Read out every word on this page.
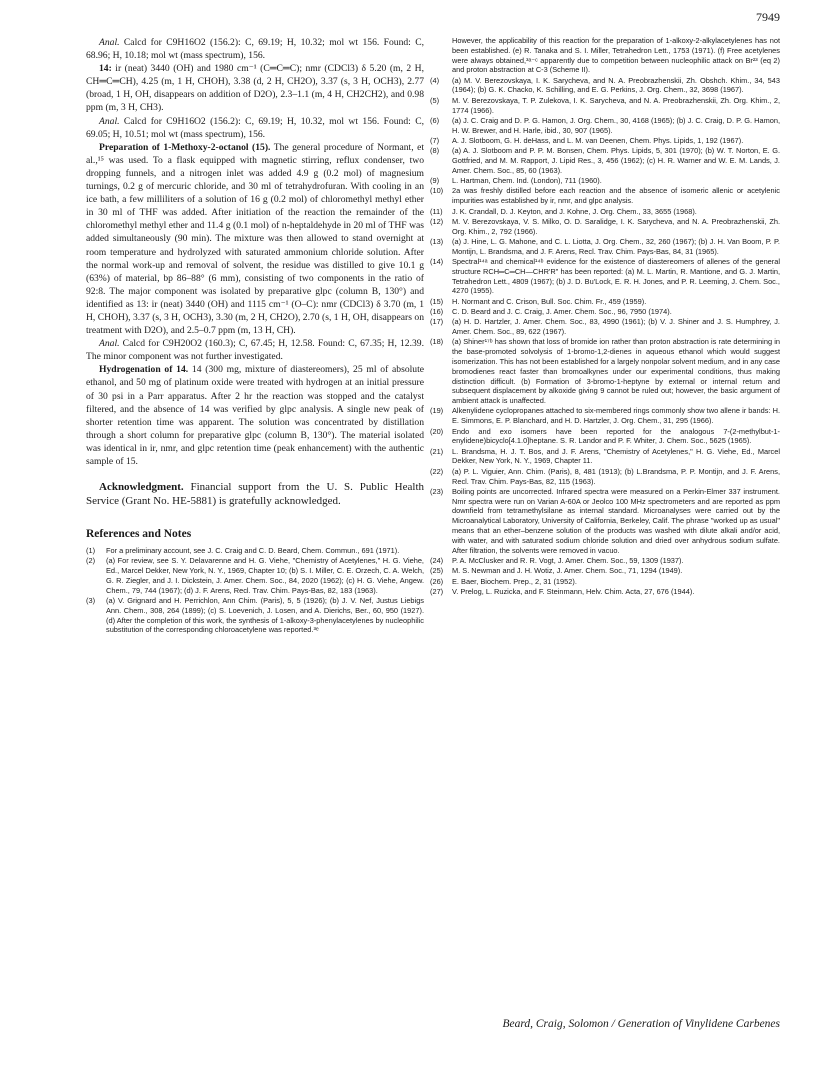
7949

Anal. Calcd for C9H16O2 (156.2): C, 69.19; H, 10.32; mol wt 156. Found: C, 68.96; H, 10.18; mol wt (mass spectrum), 156.

14: ir (neat) 3440 (OH) and 1980 cm⁻¹ (C═C═C); nmr (CDCl3) δ 5.20 (m, 2 H, CH═C═CH), 4.25 (m, 1 H, CHOH), 3.38 (d, 2 H, CH2O), 3.37 (s, 3 H, OCH3), 2.77 (broad, 1 H, OH, disappears on addition of D2O), 2.3–1.1 (m, 4 H, CH2CH2), and 0.98 ppm (m, 3 H, CH3).

Anal. Calcd for C9H16O2 (156.2): C, 69.19; H, 10.32, mol wt 156. Found: C, 69.05; H, 10.51; mol wt (mass spectrum), 156.

Preparation of 1-Methoxy-2-octanol (15). The general procedure of Normant, et al.,¹⁵ was used. To a flask equipped with magnetic stirring, reflux condenser, two dropping funnels, and a nitrogen inlet was added 4.9 g (0.2 mol) of magnesium turnings, 0.2 g of mercuric chloride, and 30 ml of tetrahydrofuran. With cooling in an ice bath, a few milliliters of a solution of 16 g (0.2 mol) of chloromethyl methyl ether in 30 ml of THF was added. After initiation of the reaction the remainder of the chloromethyl methyl ether and 11.4 g (0.1 mol) of n-heptaldehyde in 20 ml of THF was added simultaneously (90 min). The mixture was then allowed to stand overnight at room temperature and hydrolyzed with saturated ammonium chloride solution. After the normal work-up and removal of solvent, the residue was distilled to give 10.1 g (63%) of material, bp 86–88° (6 mm), consisting of two components in the ratio of 92:8. The major component was isolated by preparative glpc (column B, 130°) and identified as 13: ir (neat) 3440 (OH) and 1115 cm⁻¹ (O–C): nmr (CDCl3) δ 3.70 (m, 1 H, CHOH), 3.37 (s, 3 H, OCH3), 3.30 (m, 2 H, CH2O), 2.70 (s, 1 H, OH, disappears on treatment with D2O), and 2.5–0.7 ppm (m, 13 H, CH).

Anal. Calcd for C9H20O2 (160.3); C, 67.45; H, 12.58. Found: C, 67.35; H, 12.39. The minor component was not further investigated.

Hydrogenation of 14. 14 (300 mg, mixture of diastereomers), 25 ml of absolute ethanol, and 50 mg of platinum oxide were treated with hydrogen at an initial pressure of 30 psi in a Parr apparatus. After 2 hr the reaction was stopped and the catalyst filtered, and the absence of 14 was verified by glpc analysis. A single new peak of shorter retention time was apparent. The solution was concentrated by distillation through a short column for preparative glpc (column B, 130°). The material isolated was identical in ir, nmr, and glpc retention time (peak enhancement) with the authentic sample of 15.

Acknowledgment. Financial support from the U. S. Public Health Service (Grant No. HE-5881) is gratefully acknowledged.

References and Notes
(1)	For a preliminary account, see J. C. Craig and C. D. Beard, Chem. Commun., 691 (1971).
(2)	(a) For review, see S. Y. Delavarenne and H. G. Viehe, "Chemistry of Acetylenes," H. G. Viehe, Ed., Marcel Dekker, New York, N. Y., 1969, Chapter 10; (b) S. I. Miller, C. E. Orzech, C. A. Welch, G. R. Ziegler, and J. I. Dickstein, J. Amer. Chem. Soc., 84, 2020 (1962); (c) H. G. Viehe, Angew. Chem., 79, 744 (1967); (d) J. F. Arens, Recl. Trav. Chim. Pays-Bas, 82, 183 (1963).
(3)	(a) V. Grignard and H. Perrichlon, Ann Chim. (Paris), 5, 5 (1926); (b) J. V. Nef, Justus Liebigs Ann. Chem., 308, 264 (1899); (c) S. Loevenich, J. Losen, and A. Dierichs, Ber., 60, 950 (1927). (d) After the completion of this work, the synthesis of 1-alkoxy-3-phenylacetylenes by nucleophilic substitution of the corresponding chloroacetylene was reported.³ᵉ

However, the applicability of this reaction for the preparation of 1-alkoxy-2-alkylacetylenes has not been established. (e) R. Tanaka and S. I. Miller, Tetrahedron Lett., 1753 (1971). (f) Free acetylenes were always obtained,³ᵃ⁻ᶜ apparently due to competition between nucleophilic attack on Br²³ (eq 2) and proton abstraction at C-3 (Scheme II).

(4)	(a) M. V. Berezovskaya, I. K. Sarycheva, and N. A. Preobrazhenskii, Zh. Obshch. Khim., 34, 543 (1964); (b) G. K. Chacko, K. Schilling, and E. G. Perkins, J. Org. Chem., 32, 3698 (1967).
(5)	M. V. Berezovskaya, T. P. Zulekova, I. K. Sarycheva, and N. A. Preobrazhenskii, Zh. Org. Khim., 2, 1774 (1966).
(6)	(a) J. C. Craig and D. P. G. Hamon, J. Org. Chem., 30, 4168 (1965); (b) J. C. Craig, D. P. G. Hamon, H. W. Brewer, and H. Harle, ibid., 30, 907 (1965).
(7)	A. J. Slotboom, G. H. deHass, and L. M. van Deenen, Chem. Phys. Lipids, 1, 192 (1967).
(8)	(a) A. J. Slotboom and P. P. M. Bonsen, Chem. Phys. Lipids, 5, 301 (1970); (b) W. T. Norton, E. G. Gottfried, and M. M. Rapport, J. Lipid Res., 3, 456 (1962); (c) H. R. Warner and W. E. M. Lands, J. Amer. Chem. Soc., 85, 60 (1963).
(9)	L. Hartman, Chem. Ind. (London), 711 (1960).
(10)	2a was freshly distilled before each reaction and the absence of isomeric allenic or acetylenic impurities was established by ir, nmr, and glpc analysis.
(11)	J. K. Crandall, D. J. Keyton, and J. Kohne, J. Org. Chem., 33, 3655 (1968).
(12)	M. V. Berezovskaya, V. S. Milko, O. D. Saralidge, I. K. Sarycheva, and N. A. Preobrazhenskii, Zh. Org. Khim., 2, 792 (1966).
(13)	(a) J. Hine, L. G. Mahone, and C. L. Liotta, J. Org. Chem., 32, 260 (1967); (b) J. H. Van Boom, P. P. Montijn, L. Brandsma, and J. F. Arens, Recl. Trav. Chim. Pays-Bas, 84, 31 (1965).
(14)	Spectral¹⁴ᵃ and chemical¹⁴ᵇ evidence for the existence of diastereomers of allenes of the general structure RCH═C═CH—CHR'R" has been reported: (a) M. L. Martin, R. Mantione, and G. J. Martin, Tetrahedron Lett., 4809 (1967); (b) J. D. Bu'Lock, E. R. H. Jones, and P. R. Leeming, J. Chem. Soc., 4270 (1955).
(15)	H. Normant and C. Crison, Bull. Soc. Chim. Fr., 459 (1959).
(16)	C. D. Beard and J. C. Craig, J. Amer. Chem. Soc., 96, 7950 (1974).
(17)	(a) H. D. Hartzler, J. Amer. Chem. Soc., 83, 4990 (1961); (b) V. J. Shiner and J. S. Humphrey, J. Amer. Chem. Soc., 89, 622 (1967).
(18)	(a) Shiner¹⁷ᵇ has shown that loss of bromide ion rather than proton abstraction is rate determining in the base-promoted solvolysis of 1-bromo-1,2-dienes in aqueous ethanol which would suggest isomerization. This has not been established for a largely nonpolar solvent medium, and in any case bromodienes react faster than bromoalkynes under our experimental conditions, thus making distinction difficult. (b) Formation of 3-bromo-1-heptyne by external or internal return and subsequent displacement by alkoxide giving 9 cannot be ruled out; however, the basic argument of ambient attack is unaffected.
(19)	Alkenylidene cyclopropanes attached to six-membered rings commonly show two allene ir bands: H. E. Simmons, E. P. Blanchard, and H. D. Hartzler, J. Org. Chem., 31, 295 (1966).
(20)	Endo and exo isomers have been reported for the analogous 7-(2-methylbut-1-enylidene)bicyclo[4.1.0]heptane. S. R. Landor and P. F. Whiter, J. Chem. Soc., 5625 (1965).
(21)	L. Brandsma, H. J. T. Bos, and J. F. Arens, "Chemistry of Acetylenes," H. G. Viehe, Ed., Marcel Dekker, New York, N. Y., 1969, Chapter 11.
(22)	(a) P. L. Viguier, Ann. Chim. (Paris), 8, 481 (1913); (b) L.Brandsma, P. P. Montijn, and J. F. Arens, Recl. Trav. Chim. Pays-Bas, 82, 115 (1963).
(23)	Boiling points are uncorrected. Infrared spectra were measured on a Perkin-Elmer 337 instrument. Nmr spectra were run on Varian A-60A or Jeolco 100 MHz spectrometers and are reported as ppm downfield from tetramethylsilane as internal standard. Microanalyses were carried out by the Microanalytical Laboratory, University of California, Berkeley, Calif. The phrase "worked up as usual" means that an ether–benzene solution of the products was washed with dilute alkali and/or acid, with water, and with saturated sodium chloride solution and dried over anhydrous sodium sulfate. After filtration, the solvents were removed in vacuo.
(24)	P. A. McClusker and R. R. Vogt, J. Amer. Chem. Soc., 59, 1309 (1937).
(25)	M. S. Newman and J. H. Wotiz, J. Amer. Chem. Soc., 71, 1294 (1949).
(26)	E. Baer, Biochem. Prep., 2, 31 (1952).
(27)	V. Prelog, L. Ruzicka, and F. Steinmann, Helv. Chim. Acta, 27, 676 (1944).
Beard, Craig, Solomon / Generation of Vinylidene Carbenes
